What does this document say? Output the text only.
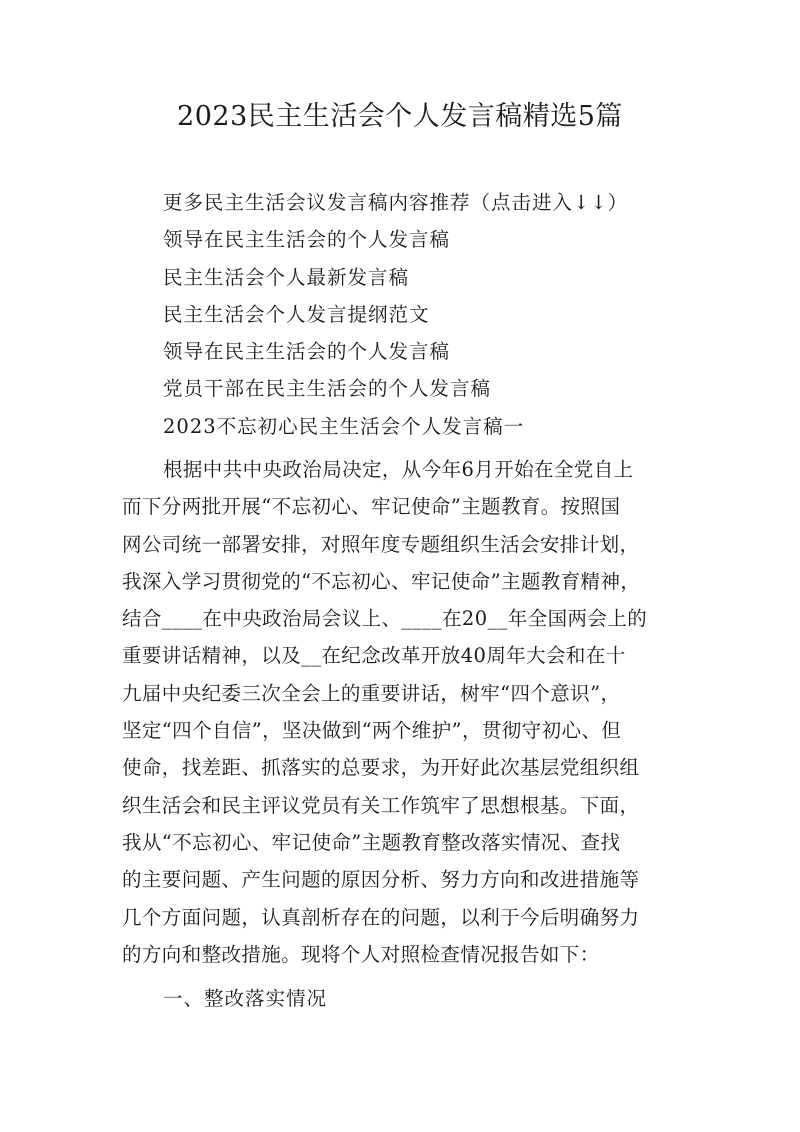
2023民主生活会个人发言稿精选5篇
更多民主生活会议发言稿内容推荐（点击进入↓↓）
领导在民主生活会的个人发言稿
民主生活会个人最新发言稿
民主生活会个人发言提纲范文
领导在民主生活会的个人发言稿
党员干部在民主生活会的个人发言稿
2023不忘初心民主生活会个人发言稿一
根据中共中央政治局决定，从今年6月开始在全党自上
而下分两批开展“不忘初心、牢记使命”主题教育。按照国
网公司统一部署安排，对照年度专题组织生活会安排计划，
我深入学习贯彻党的“不忘初心、牢记使命”主题教育精神，
结合____在中央政治局会议上、____在20__年全国两会上的
重要讲话精神，以及__在纪念改革开放40周年大会和在十
九届中央纪委三次全会上的重要讲话，树牢“四个意识”，
坚定“四个自信”，坚决做到“两个维护”，贯彻守初心、但
使命，找差距、抓落实的总要求，为开好此次基层党组织组
织生活会和民主评议党员有关工作筑牢了思想根基。下面，
我从“不忘初心、牢记使命”主题教育整改落实情况、查找
的主要问题、产生问题的原因分析、努力方向和改进措施等
几个方面问题，认真剖析存在的问题，以利于今后明确努力
的方向和整改措施。现将个人对照检查情况报告如下：
一、整改落实情况
